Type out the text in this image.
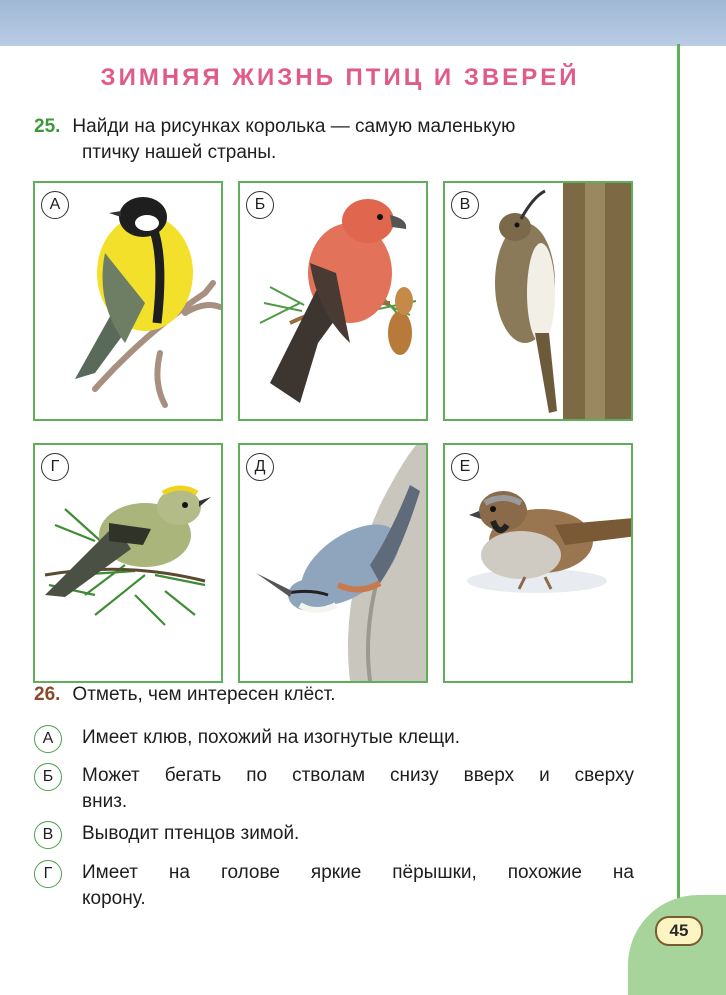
45
ЗИМНЯЯ ЖИЗНЬ ПТИЦ И ЗВЕРЕЙ
25. Найди на рисунках королька — самую маленькую
птичку нашей страны.
А	Б	В
Г	Д	Е
26. Отметь, чем интересен клёст.
А	Имеет клюв, похожий на изогнутые клещи.
Б	Может бегать по стволам снизу вверх и сверху
вниз.
В	Выводит птенцов зимой.
Г	Имеет на голове яркие пёрышки, похожие на
корону.
